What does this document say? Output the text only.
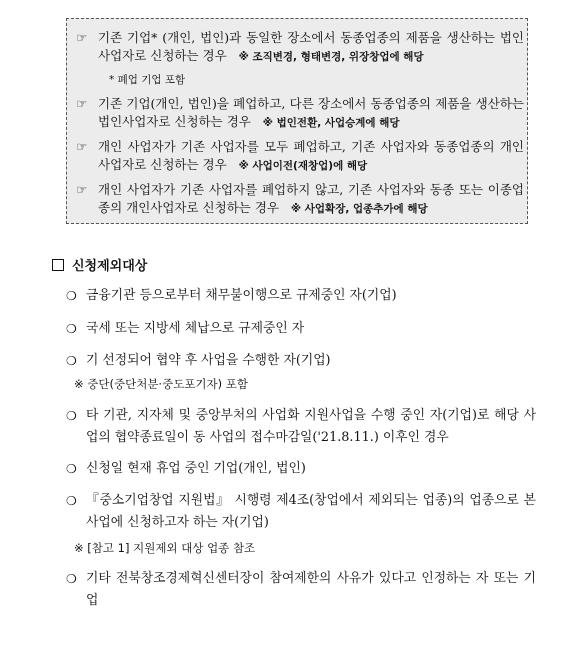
☞ 기존 기업* (개인, 법인)과 동일한 장소에서 동종업종의 제품을 생산하는 법인사업자로 신청하는 경우 ※ 조직변경, 형태변경, 위장창업에 해당
* 폐업 기업 포함
☞ 기존 기업(개인, 법인)을 폐업하고, 다른 장소에서 동종업종의 제품을 생산하는 법인사업자로 신청하는 경우 ※ 법인전환, 사업승계에 해당
☞ 개인 사업자가 기존 사업자를 모두 폐업하고, 기존 사업자와 동종업종의 개인사업자로 신청하는 경우 ※ 사업이전(재창업)에 해당
☞ 개인 사업자가 기존 사업자를 폐업하지 않고, 기존 사업자와 동종 또는 이종업종의 개인사업자로 신청하는 경우 ※ 사업확장, 업종추가에 해당
신청제외대상
❍ 금융기관 등으로부터 채무불이행으로 규제중인 자(기업)
❍ 국세 또는 지방세 체납으로 규제중인 자
❍ 기 선정되어 협약 후 사업을 수행한 자(기업)
※ 중단(중단처분·중도포기자) 포함
❍ 타 기관, 지자체 및 중앙부처의 사업화 지원사업을 수행 중인 자(기업)로 해당 사업의 협약종료일이 동 사업의 접수마감일('21.8.11.) 이후인 경우
❍ 신청일 현재 휴업 중인 기업(개인, 법인)
❍ 『중소기업창업 지원법』 시행령 제4조(창업에서 제외되는 업종)의 업종으로 본 사업에 신청하고자 하는 자(기업)
※ [참고 1] 지원제외 대상 업종 참조
❍ 기타 전북창조경제혁신센터장이 참여제한의 사유가 있다고 인정하는 자 또는 기업
